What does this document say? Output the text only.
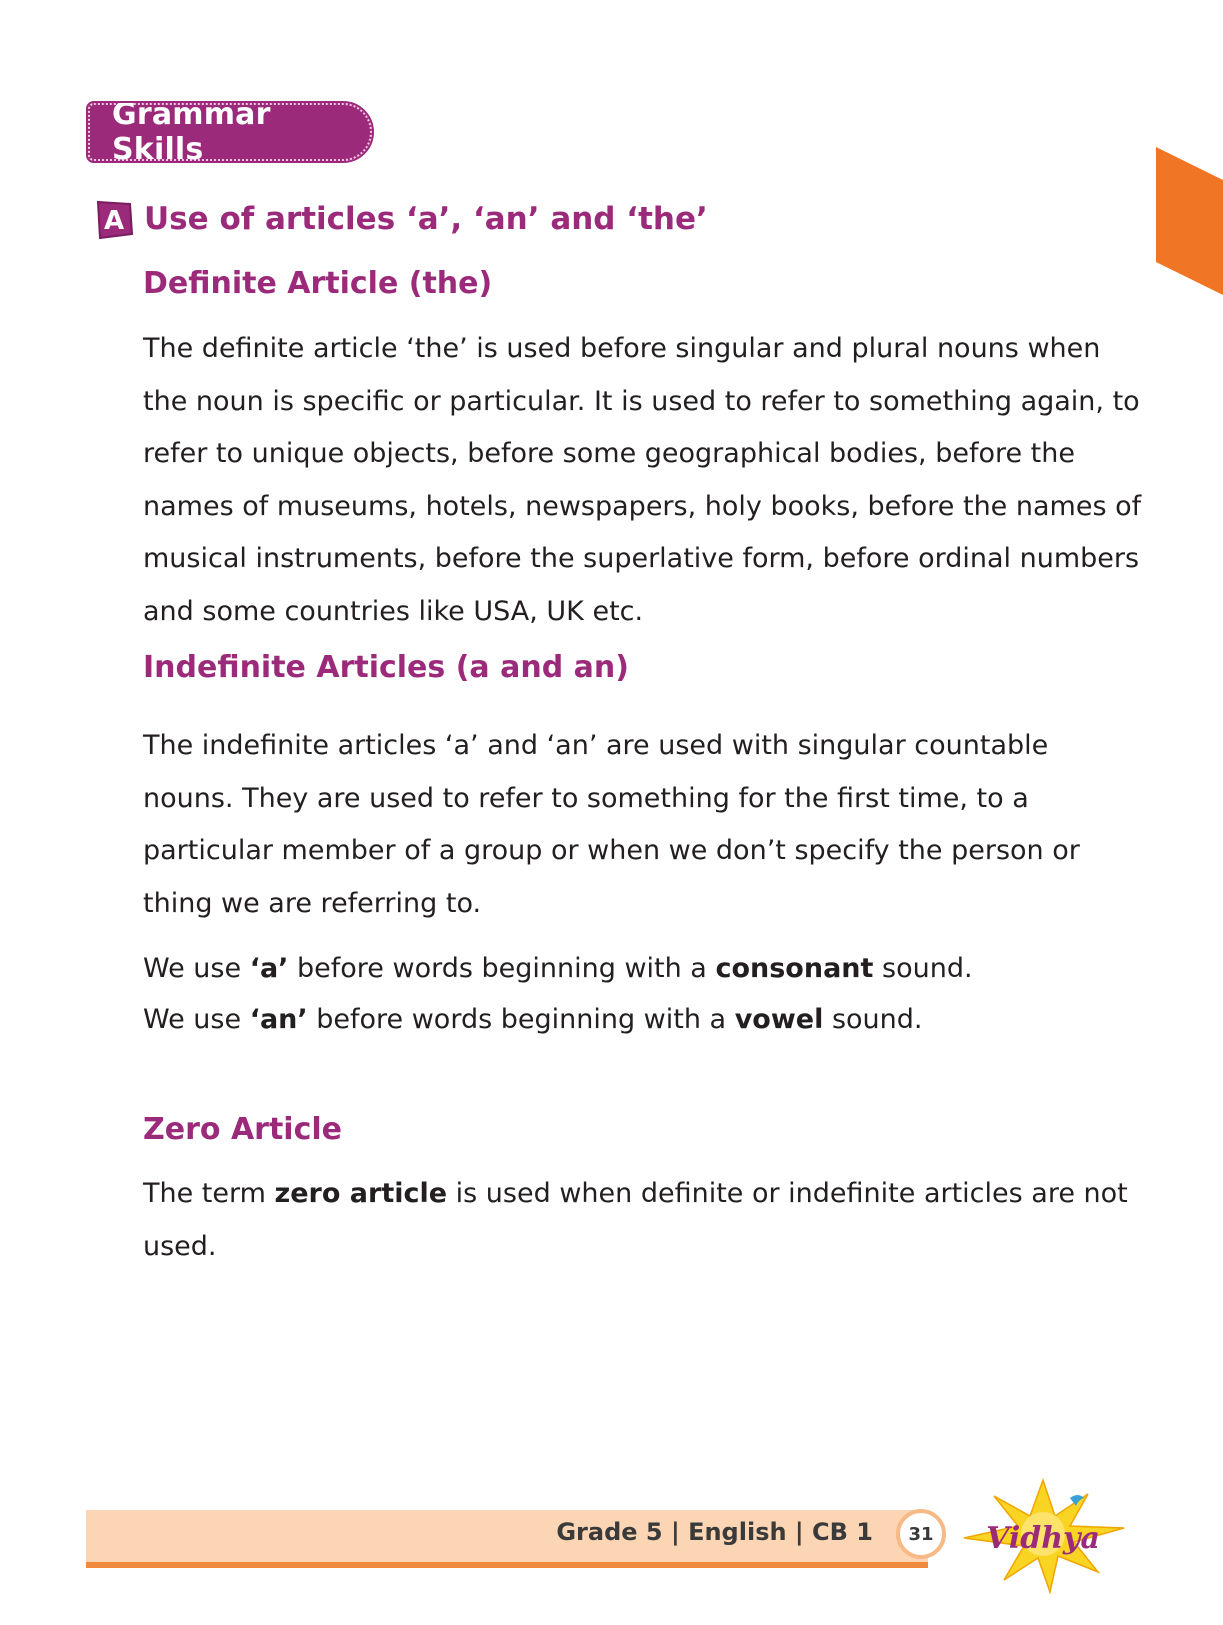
Grammar Skills
A Use of articles ‘a’, ‘an’ and ‘the’
Definite Article (the)

The definite article ‘the’ is used before singular and plural nouns when the noun is specific or particular. It is used to refer to something again, to refer to unique objects, before some geographical bodies, before the names of museums, hotels, newspapers, holy books, before the names of musical instruments, before the superlative form, before ordinal numbers and some countries like USA, UK etc.

Indefinite Articles (a and an)

The indefinite articles ‘a’ and ‘an’ are used with singular countable nouns. They are used to refer to something for the first time, to a particular member of a group or when we don’t specify the person or thing we are referring to.

We use ‘a’ before words beginning with a consonant sound.

We use ‘an’ before words beginning with a vowel sound.

Zero Article

The term zero article is used when definite or indefinite articles are not used.

Grade 5 | English | CB 1	31	Vidhya
